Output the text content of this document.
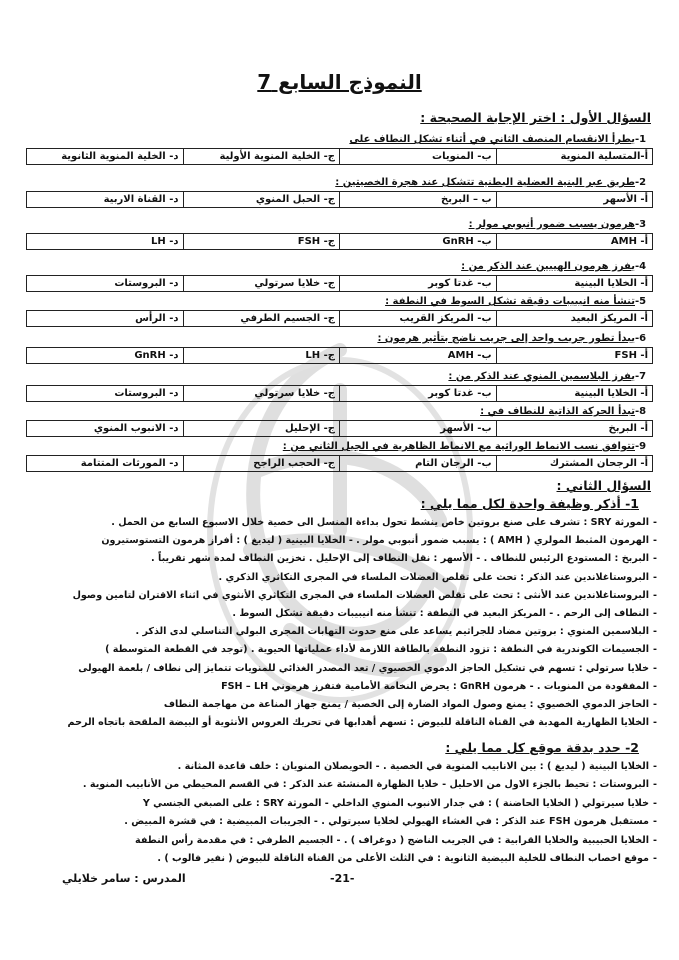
النموذج السابع 7
السؤال الأول : اختر الإجابة الصحيحة :
1-
يطرأ الانقسام المنصف الثاني في أثناء تشكل النطاف على
أ-المتسلية المنوية
ب- المنويات
ج- الخلية المنوية الأولية
د- الخلية المنوية الثانوية
2-
طريق عبر البنية العضلية البطنية تتشكل عند هجرة الخصيتين :
أ- الأسهر
ب – البربخ
ج- الحبل المنوي
د- القناة الاربية
3-
هرمون يسبب ضمور أنبوبي مولر :
أ- AMH
ب- GnRH
ج- FSH
د- LH
4-
يفرز هرمون الهيبين عند الذكر من :
أ- الخلايا البينية
ب- غدتا كوبر
ج- خلايا سرتولي
د- البروستات
5-
تنشأ منه انيبيبات دقيقة تشكل السوط في النطفة :
أ- المريكز البعيد
ب- المريكز القريب
ج- الجسيم الطرفي
د- الرأس
6-
يبدأ تطور جريب واحد إلى جريب ناضج بتأثير هرمون :
أ- FSH
ب- AMH
ج- LH
د- GnRH
7-
يفرز البلاسمين المنوي عند الذكر من :
أ- الخلايا البينية
ب- غدتا كوبر
ج- خلايا سرتولي
د- البروستات
8-
تبدأ الحركة الذاتية للنطاف في :
أ- البربخ
ب- الأسهر
ج- الإحليل
د- الانبوب المنوي
9-
تتوافق نسب الانماط الوراثية مع الانماط الظاهرية في الجيل الثاني من :
أ- الرجحان المشترك
ب- الرجان التام
ج- الحجب الراجح
د- المورثات المتتامة
السؤال الثاني :
1- أذكر وظيفة واحدة لكل مما يلي :
-المورثة SRY : تشرف على صنع بروتين خاص ينشط تحول بداءة المنسل الى خصية خلال الاسبوع السابع من الحمل .
-الهرمون المثبط المولري ( AMH ) : يسبب ضمور أنبوبي مولر . - الخلايا البينية ( ليديغ ) : أفراز هرمون التستوستيرون
-البربخ : المستودع الرئيس للنطاف . - الأسهر : نقل النطاف إلى الإحليل . تخزين النطاف لمدة شهر تقريباً .
-البروستاغلاندين عند الذكر : تحث على تقلص العضلات الملساء في المجرى التكاثري الذكري .
-البروستاغلاندين عند الأنثى : تحث على تقلص العضلات الملساء في المجرى التكاثري الأنثوي في اثناء الاقتران لتامين وصول
-النطاف إلى الرحم . - المريكز البعيد في النطفة : تنشأ منه انيبيبات دقيقة تشكل السوط .
-البلاسمين المنوي : بروتين مضاد للجراثيم يساعد على منع حدوث التهابات المجرى البولي التناسلي لدى الذكر .
-الجسيمات الكوندرية في النطفة : تزود النطفة بالطاقة اللازمة لأداء عملياتها الحيوية . (توجد في القطعة المتوسطة )
-خلايا سرتولي : تسهم في تشكيل الحاجز الدموي الخصيوي / تعد المصدر الغذائي للمنويات تتمايز إلى نطاف / بلعمة الهيولى
-المفقودة من المنويات . - هرمون GnRH : يحرض النخامة الأمامية فتفرز هرموني FSH – LH
-الحاجز الدموي الخصيوي : يمنع وصول المواد الضارة إلى الخصية / يمنع جهاز المناعة من مهاجمة النطاف
-الخلايا الظهارية المهدبة في القناة الناقلة للبيوض : تسهم أهدابها في تحريك العروس الأنثوية أو البيضة الملقحة باتجاه الرحم
2- حدد بدقة موقع كل مما يلي :
-الخلايا البينية ( ليديغ ) : بين الانابيب المنوية في الخصية . - الحويصلان المنويان : خلف قاعدة المثانة .
-البروستات : تحيط بالجزء الاول من الاحليل - خلايا الظهارة المنشئة عند الذكر : في القسم المحيطي من الأنابيب المنوية .
-خلايا سيرتولي ( الخلايا الحاضنة ) : في جدار الانبوب المنوي الداخلي - المورثة SRY : على الصبغي الجنسي Y
-مستقبل هرمون FSH عند الذكر : في الغشاء الهيولي لخلايا سيرتولي . - الجريبات المبيضية : في قشرة المبيض .
-الخلايا الحبيبية والخلايا القرابية : في الجريب الناضج ( دوغراف ) . - الجسيم الطرفي : في مقدمة رأس النطفة
-موقع اخصاب النطاف للخلية البيضية الثانوية : في الثلث الأعلى من القناة الناقلة للبيوض ( نفير فالوب ) .
-21-
المدرس : سامر خلايلي
